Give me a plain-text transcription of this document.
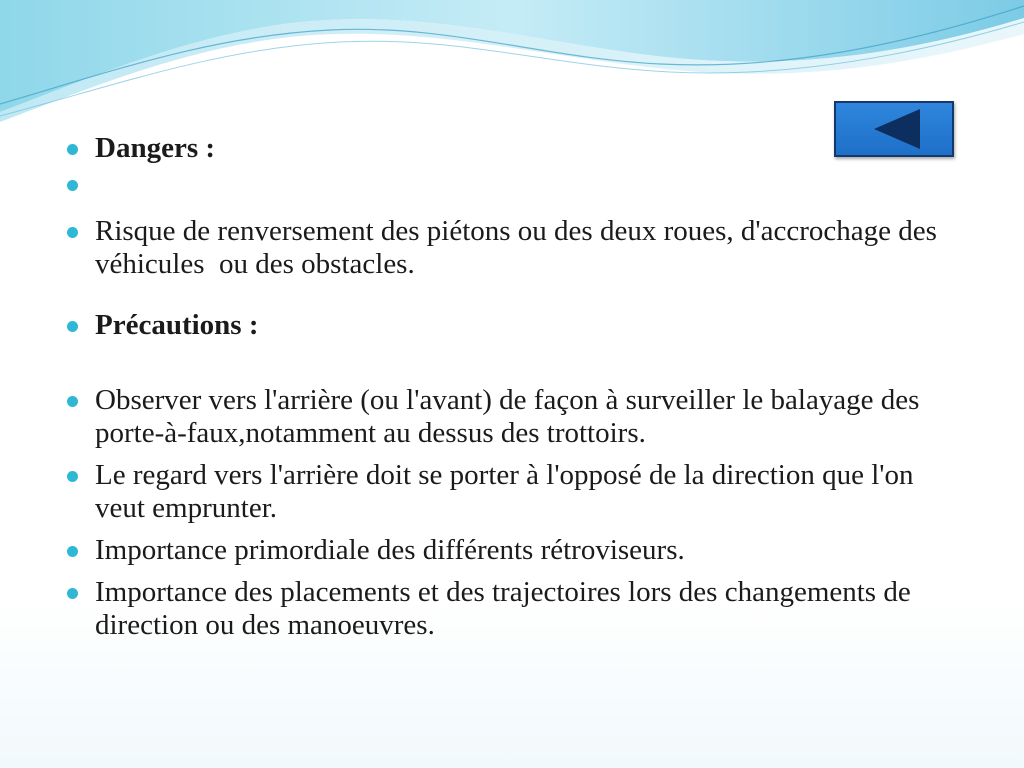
Dangers :

Risque de renversement des piétons ou des deux roues, d'accrochage des véhicules  ou des obstacles.

Précautions :

Observer vers l'arrière (ou l'avant) de façon à surveiller le balayage des porte-à-faux,notamment au dessus des trottoirs.

Le regard vers l'arrière doit se porter à l'opposé de la direction que l'on veut emprunter.

Importance primordiale des différents rétroviseurs.

Importance des placements et des trajectoires lors des changements de direction ou des manoeuvres.
